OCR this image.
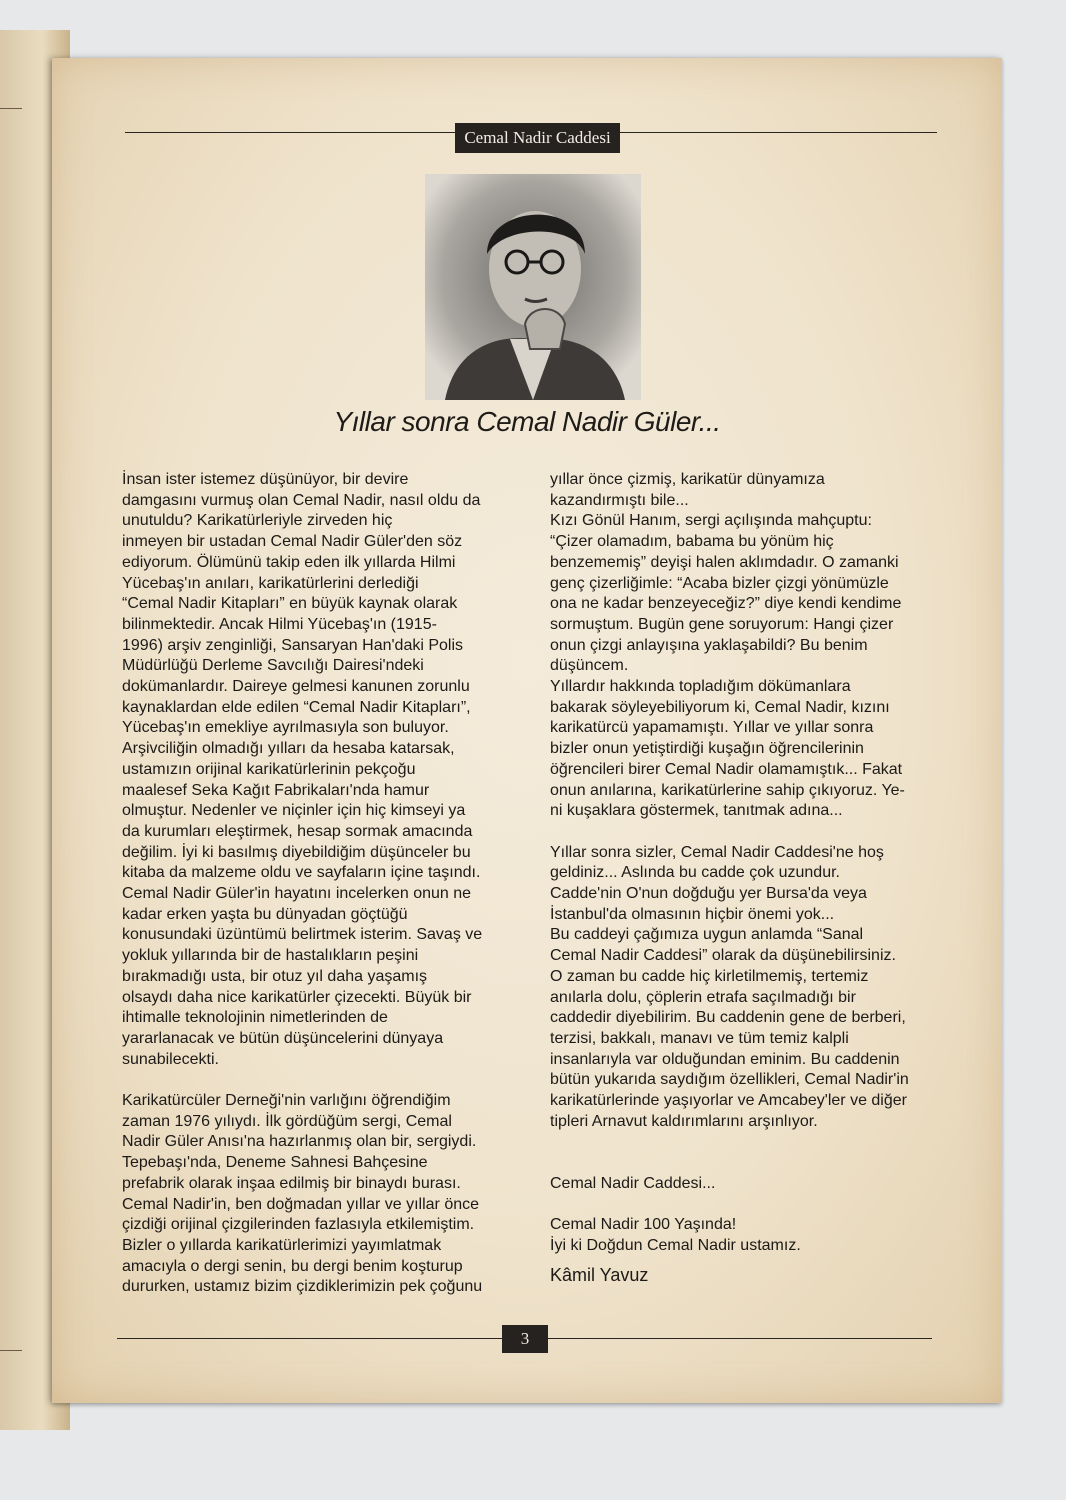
Cemal Nadir Caddesi
Yıllar sonra Cemal Nadir Güler...

İnsan ister istemez düşünüyor, bir devire
damgasını vurmuş olan Cemal Nadir, nasıl oldu da
unutuldu? Karikatürleriyle zirveden hiç
inmeyen bir ustadan Cemal Nadir Güler'den söz
ediyorum. Ölümünü takip eden ilk yıllarda Hilmi
Yücebaş'ın anıları, karikatürlerini derlediği
“Cemal Nadir Kitapları” en büyük kaynak olarak
bilinmektedir. Ancak Hilmi Yücebaş'ın (1915-
1996) arşiv zenginliği, Sansaryan Han'daki Polis
Müdürlüğü Derleme Savcılığı Dairesi'ndeki
dokümanlardır. Daireye gelmesi kanunen zorunlu
kaynaklardan elde edilen “Cemal Nadir Kitapları”,
Yücebaş'ın emekliye ayrılmasıyla son buluyor.
Arşivciliğin olmadığı yılları da hesaba katarsak,
ustamızın orijinal karikatürlerinin pekçoğu
maalesef Seka Kağıt Fabrikaları'nda hamur
olmuştur. Nedenler ve niçinler için hiç kimseyi ya
da kurumları eleştirmek, hesap sormak amacında
değilim. İyi ki basılmış diyebildiğim düşünceler bu
kitaba da malzeme oldu ve sayfaların içine taşındı.
Cemal Nadir Güler'in hayatını incelerken onun ne
kadar erken yaşta bu dünyadan göçtüğü
konusundaki üzüntümü belirtmek isterim. Savaş ve
yokluk yıllarında bir de hastalıkların peşini
bırakmadığı usta, bir otuz yıl daha yaşamış
olsaydı daha nice karikatürler çizecekti. Büyük bir
ihtimalle teknolojinin nimetlerinden de
yararlanacak ve bütün düşüncelerini dünyaya
sunabilecekti.

Karikatürcüler Derneği'nin varlığını öğrendiğim
zaman 1976 yılıydı. İlk gördüğüm sergi, Cemal
Nadir Güler Anısı'na hazırlanmış olan bir, sergiydi.
Tepebaşı'nda, Deneme Sahnesi Bahçesine
prefabrik olarak inşaa edilmiş bir binaydı burası.
Cemal Nadir'in, ben doğmadan yıllar ve yıllar önce
çizdiği orijinal çizgilerinden fazlasıyla etkilemiştim.
Bizler o yıllarda karikatürlerimizi yayımlatmak
amacıyla o dergi senin, bu dergi benim koşturup
dururken, ustamız bizim çizdiklerimizin pek çoğunu

yıllar önce çizmiş, karikatür dünyamıza
kazandırmıştı bile...
Kızı Gönül Hanım, sergi açılışında mahçuptu:
“Çizer olamadım, babama bu yönüm hiç
benzememiş” deyişi halen aklımdadır. O zamanki
genç çizerliğimle: “Acaba bizler çizgi yönümüzle
ona ne kadar benzeyeceğiz?” diye kendi kendime
sormuştum. Bugün gene soruyorum: Hangi çizer
onun çizgi anlayışına yaklaşabildi? Bu benim
düşüncem.
Yıllardır hakkında topladığım dökümanlara
bakarak söyleyebiliyorum ki, Cemal Nadir, kızını
karikatürcü yapamamıştı. Yıllar ve yıllar sonra
bizler onun yetiştirdiği kuşağın öğrencilerinin
öğrencileri birer Cemal Nadir olamamıştık... Fakat
onun anılarına, karikatürlerine sahip çıkıyoruz. Ye-
ni kuşaklara göstermek, tanıtmak adına...

Yıllar sonra sizler, Cemal Nadir Caddesi'ne hoş
geldiniz... Aslında bu cadde çok uzundur.
Cadde'nin O'nun doğduğu yer Bursa'da veya
İstanbul'da olmasının hiçbir önemi yok...
Bu caddeyi çağımıza uygun anlamda “Sanal
Cemal Nadir Caddesi” olarak da düşünebilirsiniz.
O zaman bu cadde hiç kirletilmemiş, tertemiz
anılarla dolu, çöplerin etrafa saçılmadığı bir
caddedir diyebilirim. Bu caddenin gene de berberi,
terzisi, bakkalı, manavı ve tüm temiz kalpli
insanlarıyla var olduğundan eminim. Bu caddenin
bütün yukarıda saydığım özellikleri, Cemal Nadir'in
karikatürlerinde yaşıyorlar ve Amcabey'ler ve diğer
tipleri Arnavut kaldırımlarını arşınlıyor.

Cemal Nadir Caddesi...

Cemal Nadir 100 Yaşında!
İyi ki Doğdun Cemal Nadir ustamız.

Kâmil Yavuz

3
